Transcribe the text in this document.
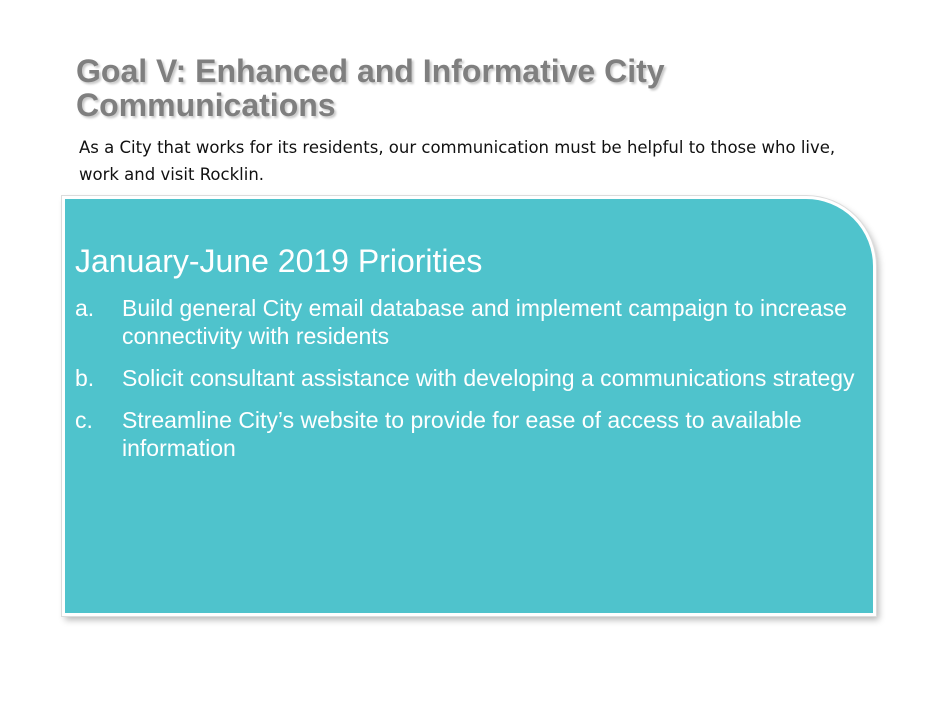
Goal V: Enhanced and Informative City Communications

As a City that works for its residents, our communication must be helpful to those who live, work and visit Rocklin.

January-June 2019 Priorities
a.	Build general City email database and implement campaign to increase connectivity with residents
b.	Solicit consultant assistance with developing a communications strategy
c.	Streamline City’s website to provide for ease of access to available information
